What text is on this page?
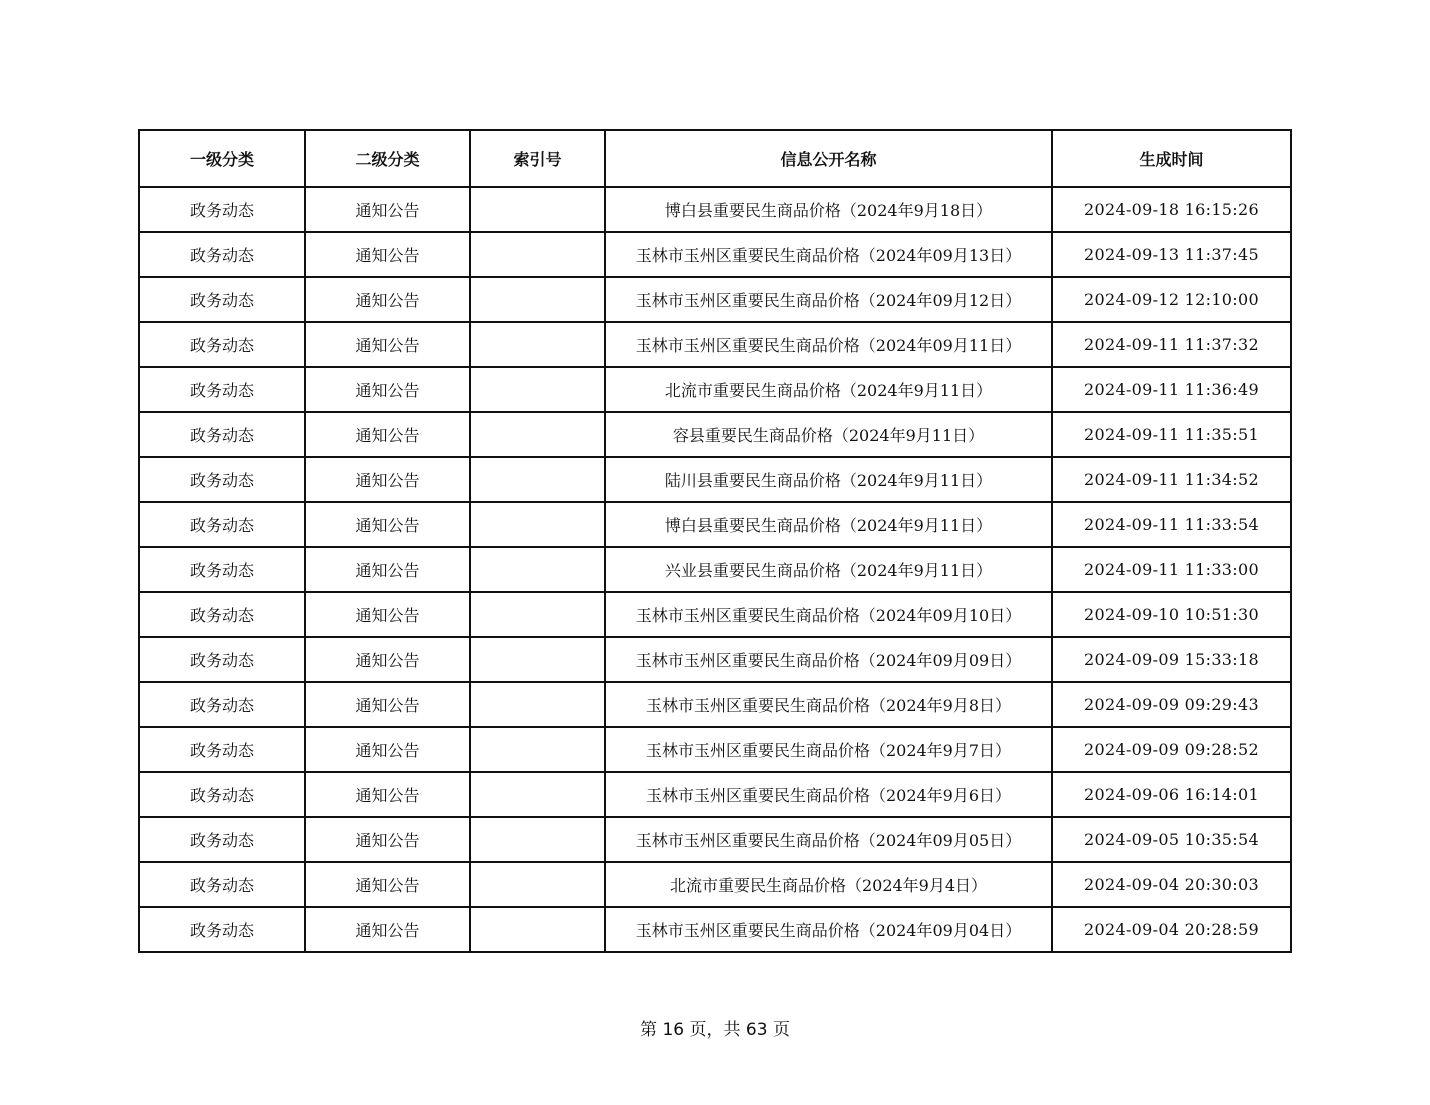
一级分类	二级分类	索引号	信息公开名称	生成时间
政务动态	通知公告		博白县重要民生商品价格（2024年9月18日）	2024-09-18 16:15:26
政务动态	通知公告		玉林市玉州区重要民生商品价格（2024年09月13日）	2024-09-13 11:37:45
政务动态	通知公告		玉林市玉州区重要民生商品价格（2024年09月12日）	2024-09-12 12:10:00
政务动态	通知公告		玉林市玉州区重要民生商品价格（2024年09月11日）	2024-09-11 11:37:32
政务动态	通知公告		北流市重要民生商品价格（2024年9月11日）	2024-09-11 11:36:49
政务动态	通知公告		容县重要民生商品价格（2024年9月11日）	2024-09-11 11:35:51
政务动态	通知公告		陆川县重要民生商品价格（2024年9月11日）	2024-09-11 11:34:52
政务动态	通知公告		博白县重要民生商品价格（2024年9月11日）	2024-09-11 11:33:54
政务动态	通知公告		兴业县重要民生商品价格（2024年9月11日）	2024-09-11 11:33:00
政务动态	通知公告		玉林市玉州区重要民生商品价格（2024年09月10日）	2024-09-10 10:51:30
政务动态	通知公告		玉林市玉州区重要民生商品价格（2024年09月09日）	2024-09-09 15:33:18
政务动态	通知公告		玉林市玉州区重要民生商品价格（2024年9月8日）	2024-09-09 09:29:43
政务动态	通知公告		玉林市玉州区重要民生商品价格（2024年9月7日）	2024-09-09 09:28:52
政务动态	通知公告		玉林市玉州区重要民生商品价格（2024年9月6日）	2024-09-06 16:14:01
政务动态	通知公告		玉林市玉州区重要民生商品价格（2024年09月05日）	2024-09-05 10:35:54
政务动态	通知公告		北流市重要民生商品价格（2024年9月4日）	2024-09-04 20:30:03
政务动态	通知公告		玉林市玉州区重要民生商品价格（2024年09月04日）	2024-09-04 20:28:59
第 16 页，共 63 页
